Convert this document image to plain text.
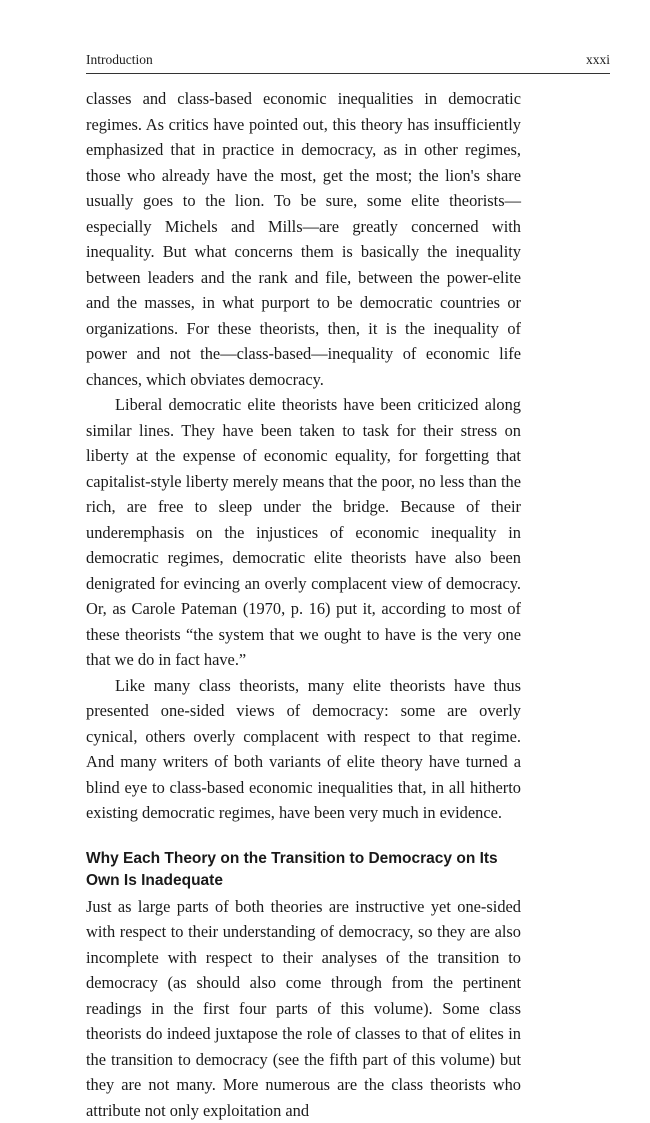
Introduction	xxxi

classes and class-based economic inequalities in democratic regimes. As critics have pointed out, this theory has insufficiently emphasized that in practice in democracy, as in other regimes, those who already have the most, get the most; the lion's share usually goes to the lion. To be sure, some elite theorists—especially Michels and Mills—are greatly concerned with inequality. But what concerns them is basically the inequality between leaders and the rank and file, between the power-elite and the masses, in what purport to be democratic countries or organizations. For these theorists, then, it is the inequality of power and not the—class-based—inequality of economic life chances, which obviates democracy.

Liberal democratic elite theorists have been criticized along similar lines. They have been taken to task for their stress on liberty at the expense of economic equality, for forgetting that capitalist-style liberty merely means that the poor, no less than the rich, are free to sleep under the bridge. Because of their underemphasis on the injustices of economic inequality in democratic regimes, democratic elite theorists have also been denigrated for evincing an overly complacent view of democracy. Or, as Carole Pateman (1970, p. 16) put it, according to most of these theorists “the system that we ought to have is the very one that we do in fact have.”

Like many class theorists, many elite theorists have thus presented one-sided views of democracy: some are overly cynical, others overly complacent with respect to that regime. And many writers of both variants of elite theory have turned a blind eye to class-based economic inequalities that, in all hitherto existing democratic regimes, have been very much in evidence.

Why Each Theory on the Transition to Democracy on Its Own Is Inadequate

Just as large parts of both theories are instructive yet one-sided with respect to their understanding of democracy, so they are also incomplete with respect to their analyses of the transition to democracy (as should also come through from the pertinent readings in the first four parts of this volume). Some class theorists do indeed juxtapose the role of classes to that of elites in the transition to democracy (see the fifth part of this volume) but they are not many. More numerous are the class theorists who attribute not only exploitation and
